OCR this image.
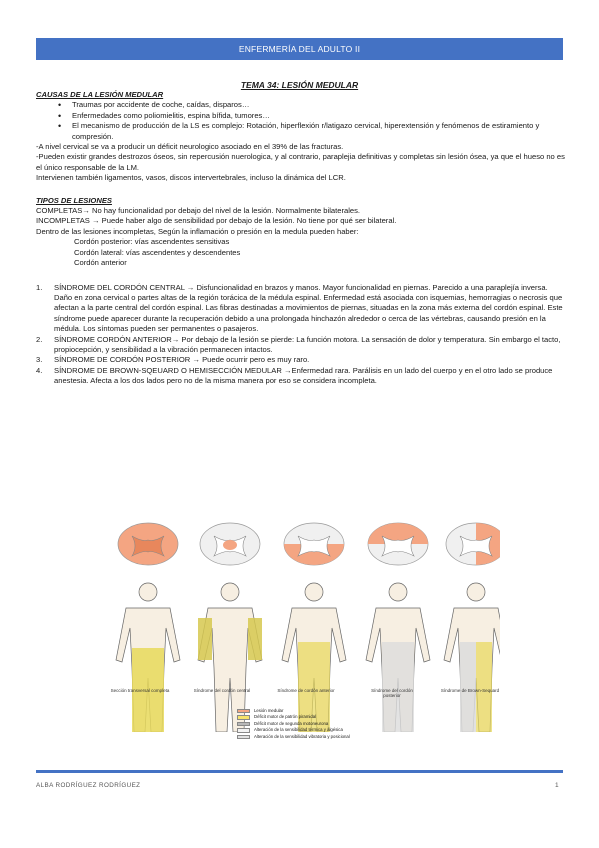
ENFERMERÍA DEL ADULTO II
TEMA 34: LESIÓN MEDULAR
CAUSAS DE LA LESIÓN MEDULAR
• Traumas por accidente de coche, caídas, disparos…
• Enfermedades como poliomielitis, espina bífida, tumores…
• El mecanismo de producción de la LS es complejo: Rotación, hiperflexión r/latigazo cervical, hiperextensión y fenómenos de estiramiento y compresión.
-A nivel cervical se va a producir un déficit neurologico asociado en el 39% de las fracturas.
-Pueden existir grandes destrozos óseos, sin repercusión nuerologica, y al contrario, paraplejia definitivas y completas sin lesión ósea, ya que el hueso no es el único responsable de la LM.
Intervienen también ligamentos, vasos, discos intervertebrales, incluso la dinámica del LCR.
TIPOS DE LESIONES
COMPLETAS→ No hay funcionalidad por debajo del nivel de la lesión. Normalmente bilaterales.
INCOMPLETAS → Puede haber algo de sensibilidad por debajo de la lesión. No tiene por qué ser bilateral.
Dentro de las lesiones incompletas, Según la inflamación o presión en la medula pueden haber:
Cordón posterior: vías ascendentes sensitivas
Cordón lateral: vías ascendentes y descendentes
Cordón anterior
1. SÍNDROME DEL CORDÓN CENTRAL → Disfuncionalidad en brazos y manos. Mayor funcionalidad en piernas. Parecido a una paraplejía inversa. Daño en zona cervical o partes altas de la región torácica de la médula espinal. Enfermedad está asociada con isquemias, hemorragias o necrosis que afectan a la parte central del cordón espinal. Las fibras destinadas a movimientos de piernas, situadas en la zona más externa del cordón espinal. Este síndrome puede aparecer durante la recuperación debido a una prolongada hinchazón alrededor o cerca de las vértebras, causando presión en la médula. Los síntomas pueden ser permanentes o pasajeros.
2. SÍNDROME CORDÓN ANTERIOR→ Por debajo de la lesión se pierde: La función motora. La sensación de dolor y temperatura. Sin embargo el tacto, propiocepción, y sensibilidad a la vibración permanecen intactos.
3. SÍNDROME DE CORDÓN POSTERIOR → Puede ocurrir pero es muy raro.
4. SÍNDROME DE BROWN-SQEUARD O HEMISECCIÓN MEDULAR →Enfermedad rara. Parálisis en un lado del cuerpo y en el otro lado se produce anestesia. Afecta a los dos lados pero no de la misma manera por eso se considera incompleta.
Sección transversal completa	Síndrome del cordón central	Síndrome de cordón anterior	Síndrome del cordón posterior
Síndrome de Brown-Sequard
Lesión medular
Déficit motor de patrón piramidal
Déficit motor de segunda motoneurona
Alteración de la sensibilidad térmica y álgésica
Alteración de la sensibilidad vibratoria y posicional
ALBA RODRÍGUEZ RODRÍGUEZ	1
